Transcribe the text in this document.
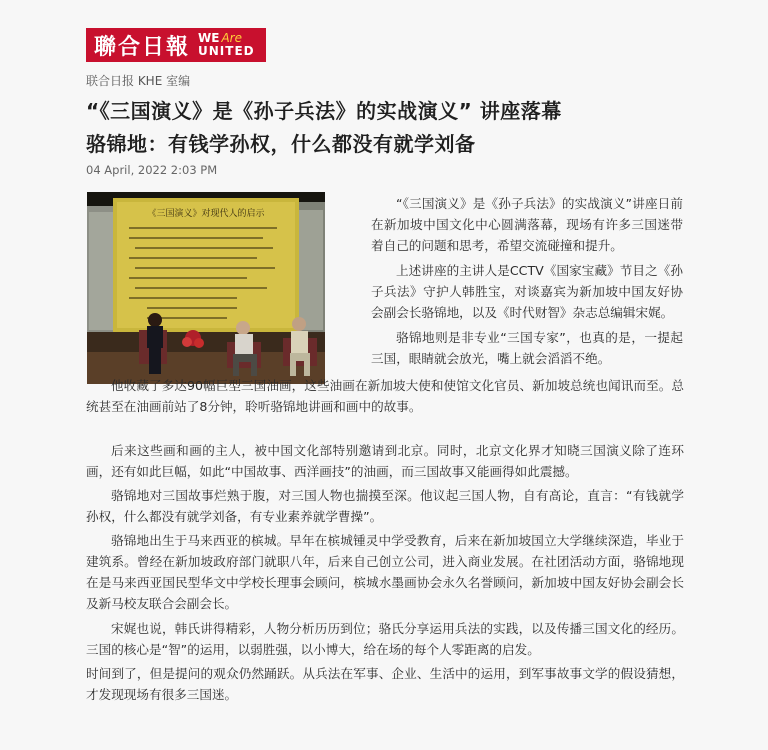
聯合日報 WE Are
UNITED
联合日报 KHE 室编
“《三国演义》是《孙子兵法》的实战演义” 讲座落幕
骆锦地：有钱学孙权，什么都没有就学刘备
04 April, 2022 2:03 PM
《三国演义》对现代人的启示

“《三国演义》是《孙子兵法》的实战演义”讲座日前在新加坡中国文化中心圆满落幕，现场有许多三国迷带着自己的问题和思考，希望交流碰撞和提升。

上述讲座的主讲人是CCTV《国家宝藏》节目之《孙子兵法》守护人韩胜宝，对谈嘉宾为新加坡中国友好协会副会长骆锦地，以及《时代财智》杂志总编辑宋娓。

骆锦地则是非专业“三国专家”，也真的是，一提起三国，眼睛就会放光，嘴上就会滔滔不绝。

他收藏了多达90幅巨型三国油画，这些油画在新加坡大使和使馆文化官员、新加坡总统也闻讯而至。总统甚至在油画前站了8分钟，聆听骆锦地讲画和画中的故事。

后来这些画和画的主人，被中国文化部特别邀请到北京。同时，北京文化界才知晓三国演义除了连环画，还有如此巨幅，如此“中国故事、西洋画技”的油画，而三国故事又能画得如此震撼。

骆锦地对三国故事烂熟于腹，对三国人物也揣摸至深。他议起三国人物，自有高论，直言：“有钱就学孙权，什么都没有就学刘备，有专业素养就学曹操”。

骆锦地出生于马来西亚的槟城。早年在槟城锺灵中学受教育，后来在新加坡国立大学继续深造，毕业于建筑系。曾经在新加坡政府部门就职八年，后来自己创立公司，进入商业发展。在社团活动方面，骆锦地现在是马来西亚国民型华文中学校长理事会顾问，槟城水墨画协会永久名誉顾问，新加坡中国友好协会副会长及新马校友联合会副会长。

宋娓也说，韩氏讲得精彩，人物分析历历到位；骆氏分享运用兵法的实践，以及传播三国文化的经历。三国的核心是“智”的运用，以弱胜强，以小博大，给在场的每个人零距离的启发。

时间到了，但是提问的观众仍然踊跃。从兵法在军事、企业、生活中的运用，到军事故事文学的假设猜想，才发现现场有很多三国迷。
